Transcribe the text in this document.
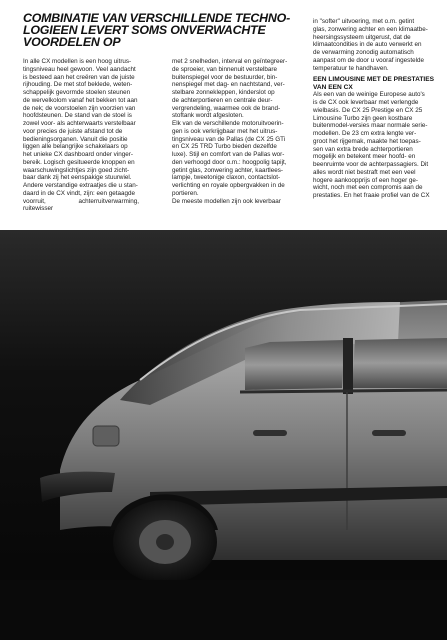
COMBINATIE VAN VERSCHILLENDE TECHNO-
LOGIEEN LEVERT SOMS ONVERWACHTE
VOORDELEN OP

In alle CX modellen is een hoog uitrus-

tingsniveau heel gewoon. Veel aandacht

is besteed aan het creëren van de juiste

rijhouding. De met stof beklede, weten-

schappelijk gevormde stoelen steunen

de wervelkolom vanaf het bekken tot aan

de nek; de voorstoelen zijn voorzien van

hoofdsteunen. De stand van de stoel is

zowel voor- als achterwaarts verstelbaar

voor precies de juiste afstand tot de

bedieningsorganen. Vanuit die positie

liggen alle belangrijke schakelaars op

het unieke CX dashboard onder vinger-

bereik. Logisch gesitueerde knoppen en

waarschuwingslichtjes zijn goed zicht-

baar dank zij het eenspakige stuurwiel.

Andere verstandige extraatjes die u stan-

daard in de CX vindt, zijn: een getaagde

voorruit, achterruitverwarming, ruitewisser

met 2 snelheden, interval en geïntegreer-

de sproeier, van binnenuit verstelbare

buitenspiegel voor de bestuurder, bin-

nenspiegel met dag- en nachtstand, ver-

stelbare zonnekleppen, kinderslot op

de achterportieren en centrale deur-

vergrendeling, waarmee ook de brand-

stoftank wordt afgesloten.

Elk van de verschillende motoruitvoerin-

gen is ook verkrijgbaar met het uitrus-

tingsniveau van de Pallas (de CX 25 GTi

en CX 25 TRD Turbo bieden dezelfde

luxe). Stijl en comfort van de Pallas wor-

den verhoogd door o.m.: hoogpolig tapijt,

getint glas, zonwering achter, kaartlees-

lampje, tweetonige claxon, contactslot-

verlichting en royale opbergvakken in de

portieren.

De meeste modellen zijn ook leverbaar

in "softer" uitvoering, met o.m. getint

glas, zonwering achter en een klimaatbe-

heersingssysteem uitgerust, dat de

klimaatcondities in de auto verwerkt en

de verwarming zonodig automatisch

aanpast om de door u vooraf ingestelde

temperatuur te handhaven.

EEN LIMOUSINE MET DE PRESTATIES

VAN EEN CX

Als een van de weinige Europese auto's

is de CX ook leverbaar met verlengde

wielbasis. De CX 25 Prestige en CX 25

Limousine Turbo zijn geen kostbare

buitenmodel-versies maar normale serie-

modellen. De 23 cm extra lengte ver-

groot het rijgemak, maakte het toepas-

sen van extra brede achterportieren

mogelijk en betekent meer hoofd- en

beenruimte voor de achterpassagiers. Dit

alles wordt niet bestraft met een veel

hogere aankoopprijs of een hoger ge-

wicht, noch met een compromis aan de

prestaties. En het fraaie profiel van de CX
